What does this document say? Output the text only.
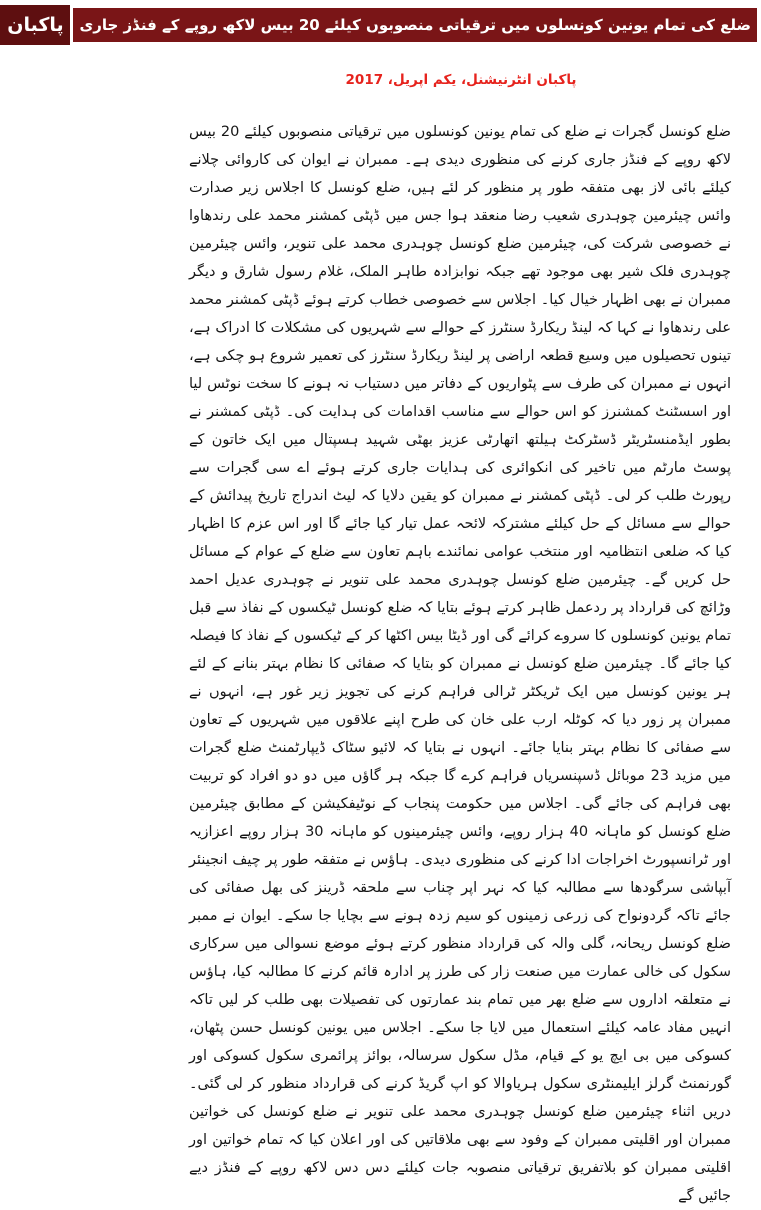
ضلع کی تمام یونین کونسلوں میں ترقیاتی منصوبوں کیلئے 20 بیس لاکھ روپے کے فنڈز جاری
پاکبان
پاکبان انٹرنیشنل، یکم اپریل، 2017

ضلع کونسل گجرات نے ضلع کی تمام یونین کونسلوں میں ترقیاتی منصوبوں کیلئے 20 بیس لاکھ روپے کے فنڈز جاری کرنے کی منظوری دیدی ہے۔ ممبران نے ایوان کی کاروائی چلانے کیلئے بائی لاز بھی متفقہ طور پر منظور کر لئے ہیں، ضلع کونسل کا اجلاس زیر صدارت وائس چیئرمین چوہدری شعیب رضا منعقد ہوا جس میں ڈپٹی کمشنر محمد علی رندھاوا نے خصوصی شرکت کی، چیئرمین ضلع کونسل چوہدری محمد علی تنویر، وائس چیئرمین چوہدری فلک شیر بھی موجود تھے جبکہ نوابزادہ طاہر الملک، غلام رسول شارق و دیگر ممبران نے بھی اظہار خیال کیا۔ اجلاس سے خصوصی خطاب کرتے ہوئے ڈپٹی کمشنر محمد علی رندھاوا نے کہا کہ لینڈ ریکارڈ سنٹرز کے حوالے سے شہریوں کی مشکلات کا ادراک ہے، تینوں تحصیلوں میں وسیع قطعہ اراضی پر لینڈ ریکارڈ سنٹرز کی تعمیر شروع ہو چکی ہے، انہوں نے ممبران کی طرف سے پٹواریوں کے دفاتر میں دستیاب نہ ہونے کا سخت نوٹس لیا اور اسسٹنٹ کمشنرز کو اس حوالے سے مناسب اقدامات کی ہدایت کی۔ ڈپٹی کمشنر نے بطور ایڈمنسٹریٹر ڈسٹرکٹ ہیلتھ اتھارٹی عزیز بھٹی شہید ہسپتال میں ایک خاتون کے پوسٹ مارٹم میں تاخیر کی انکوائری کی ہدایات جاری کرتے ہوئے اے سی گجرات سے رپورٹ طلب کر لی۔ ڈپٹی کمشنر نے ممبران کو یقین دلایا کہ لیٹ اندراج تاریخ پیدائش کے حوالے سے مسائل کے حل کیلئے مشترکہ لائحہ عمل تیار کیا جائے گا اور اس عزم کا اظہار کیا کہ ضلعی انتظامیہ اور منتخب عوامی نمائندے باہم تعاون سے ضلع کے عوام کے مسائل حل کریں گے۔ چیئرمین ضلع کونسل چوہدری محمد علی تنویر نے چوہدری عدیل احمد وڑائچ کی قرارداد پر ردعمل ظاہر کرتے ہوئے بتایا کہ ضلع کونسل ٹیکسوں کے نفاذ سے قبل تمام یونین کونسلوں کا سروے کرائے گی اور ڈیٹا بیس اکٹھا کر کے ٹیکسوں کے نفاذ کا فیصلہ کیا جائے گا۔ چیئرمین ضلع کونسل نے ممبران کو بتایا کہ صفائی کا نظام بہتر بنانے کے لئے ہر یونین کونسل میں ایک ٹریکٹر ٹرالی فراہم کرنے کی تجویز زیر غور ہے، انہوں نے ممبران پر زور دیا کہ کوٹلہ ارب علی خان کی طرح اپنے علاقوں میں شہریوں کے تعاون سے صفائی کا نظام بہتر بنایا جائے۔ انہوں نے بتایا کہ لائیو سٹاک ڈیپارٹمنٹ ضلع گجرات میں مزید 23 موبائل ڈسپنسریاں فراہم کرے گا جبکہ ہر گاؤں میں دو دو افراد کو تربیت بھی فراہم کی جائے گی۔ اجلاس میں حکومت پنجاب کے نوٹیفکیشن کے مطابق چیئرمین ضلع کونسل کو ماہانہ 40 ہزار روپے، وائس چیئرمینوں کو ماہانہ 30 ہزار روپے اعزازیہ اور ٹرانسپورٹ اخراجات ادا کرنے کی منظوری دیدی۔ ہاؤس نے متفقہ طور پر چیف انجینئر آبپاشی سرگودھا سے مطالبہ کیا کہ نہر اپر چناب سے ملحقہ ڈرینز کی بھل صفائی کی جائے تاکہ گردونواح کی زرعی زمینوں کو سیم زدہ ہونے سے بچایا جا سکے۔ ایوان نے ممبر ضلع کونسل ریحانہ، گلی والہ کی قرارداد منظور کرتے ہوئے موضع نسوالی میں سرکاری سکول کی خالی عمارت میں صنعت زار کی طرز پر ادارہ قائم کرنے کا مطالبہ کیا، ہاؤس نے متعلقہ اداروں سے ضلع بھر میں تمام بند عمارتوں کی تفصیلات بھی طلب کر لیں تاکہ انہیں مفاد عامہ کیلئے استعمال میں لایا جا سکے۔ اجلاس میں یونین کونسل حسن پٹھان، کسوکی میں بی ایچ یو کے قیام، مڈل سکول سرسالہ، بوائز پرائمری سکول کسوکی اور گورنمنٹ گرلز ایلیمنٹری سکول ہریاوالا کو اپ گریڈ کرنے کی قرارداد منظور کر لی گئی۔ دریں اثناء چیئرمین ضلع کونسل چوہدری محمد علی تنویر نے ضلع کونسل کی خواتین ممبران اور اقلیتی ممبران کے وفود سے بھی ملاقاتیں کی اور اعلان کیا کہ تمام خواتین اور اقلیتی ممبران کو بلاتفریق ترقیاتی منصوبہ جات کیلئے دس دس لاکھ روپے کے فنڈز دیے جائیں گے
